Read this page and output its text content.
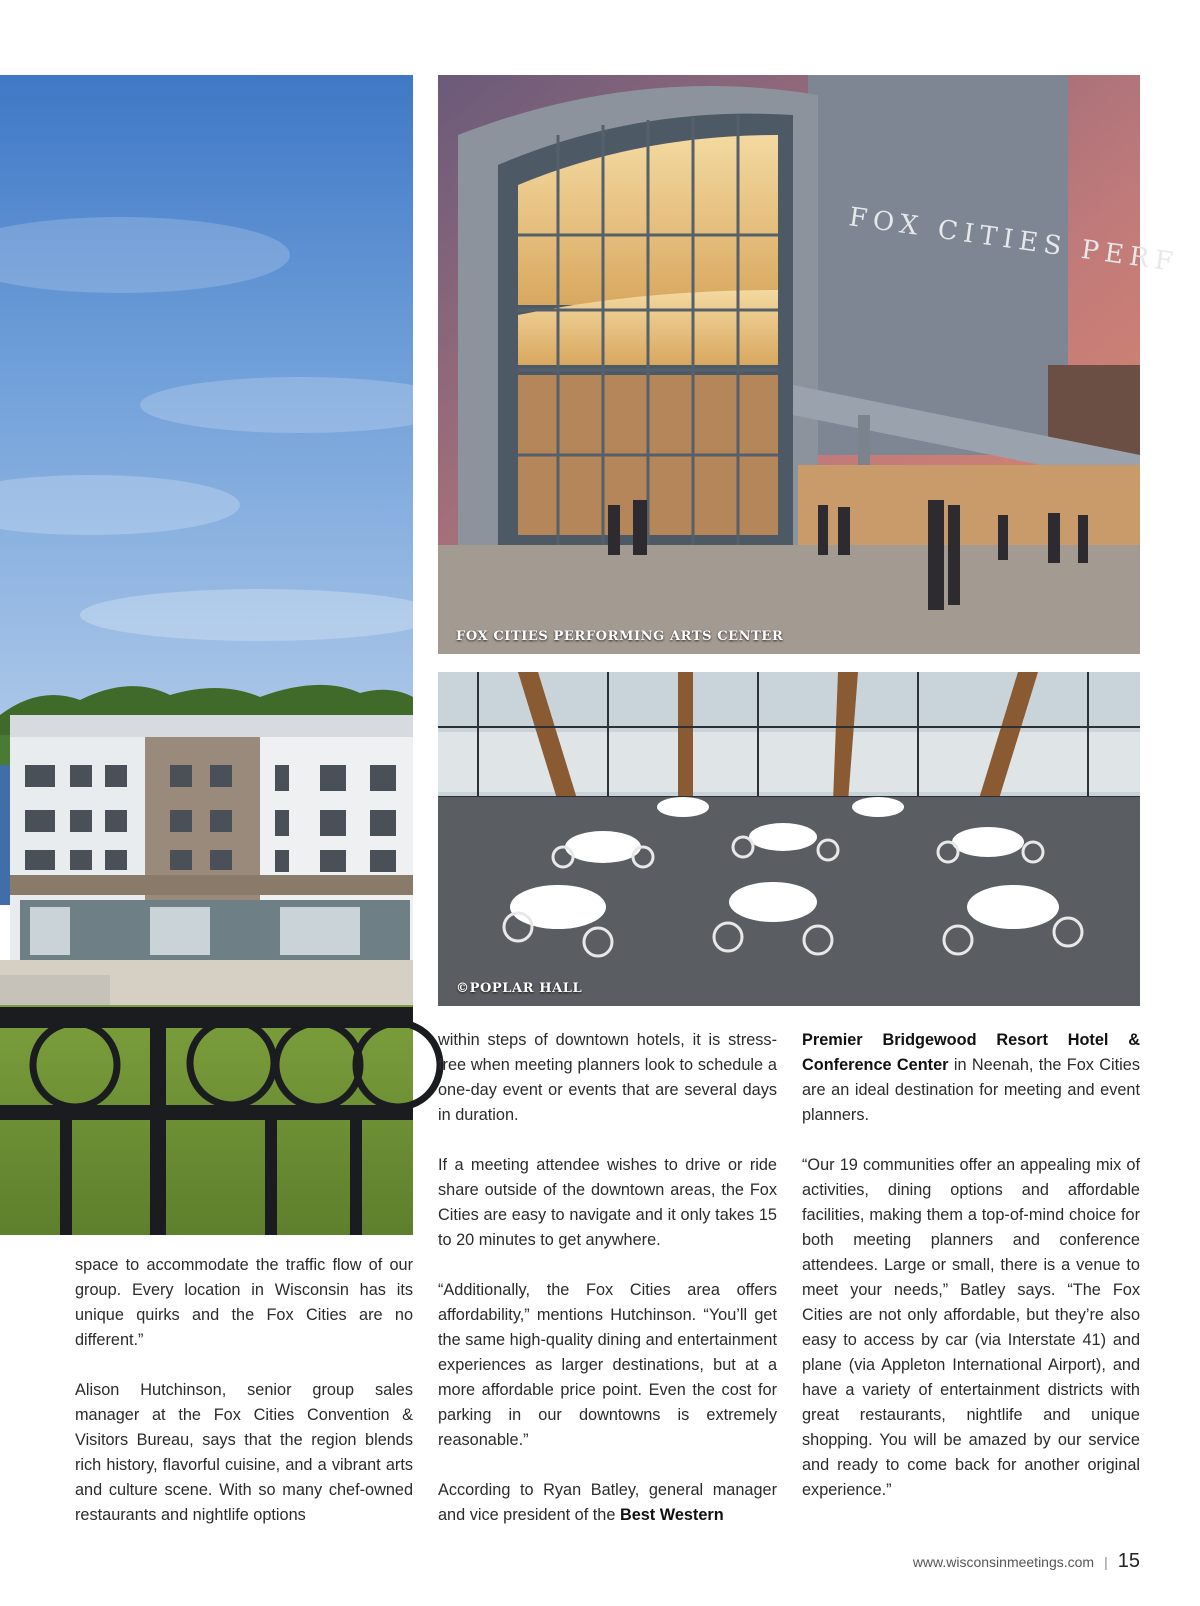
FOX CITIES PERF
FOX CITIES PERFORMING ARTS CENTER
©POPLAR HALL

space to accommodate the traffic flow of our group. Every location in Wisconsin has its unique quirks and the Fox Cities are no different.”

Alison Hutchinson, senior group sales manager at the Fox Cities Convention & Visitors Bureau, says that the region blends rich history, flavorful cuisine, and a vibrant arts and culture scene. With so many chef-owned restaurants and nightlife options

within steps of downtown hotels, it is stress-free when meeting planners look to schedule a one-day event or events that are several days in duration.

If a meeting attendee wishes to drive or ride share outside of the downtown areas, the Fox Cities are easy to navigate and it only takes 15 to 20 minutes to get anywhere.

“Additionally, the Fox Cities area offers affordability,” mentions Hutchinson. “You’ll get the same high-quality dining and entertainment experiences as larger destinations, but at a more affordable price point. Even the cost for parking in our downtowns is extremely reasonable.”

According to Ryan Batley, general manager and vice president of the Best Western

Premier Bridgewood Resort Hotel & Conference Center in Neenah, the Fox Cities are an ideal destination for meeting and event planners.

“Our 19 communities offer an appealing mix of activities, dining options and affordable facilities, making them a top-of-mind choice for both meeting planners and conference attendees. Large or small, there is a venue to meet your needs,” Batley says. “The Fox Cities are not only affordable, but they’re also easy to access by car (via Interstate 41) and plane (via Appleton International Airport), and have a variety of entertainment districts with great restaurants, nightlife and unique shopping. You will be amazed by our service and ready to come back for another original experience.”

www.wisconsinmeetings.com | 15
